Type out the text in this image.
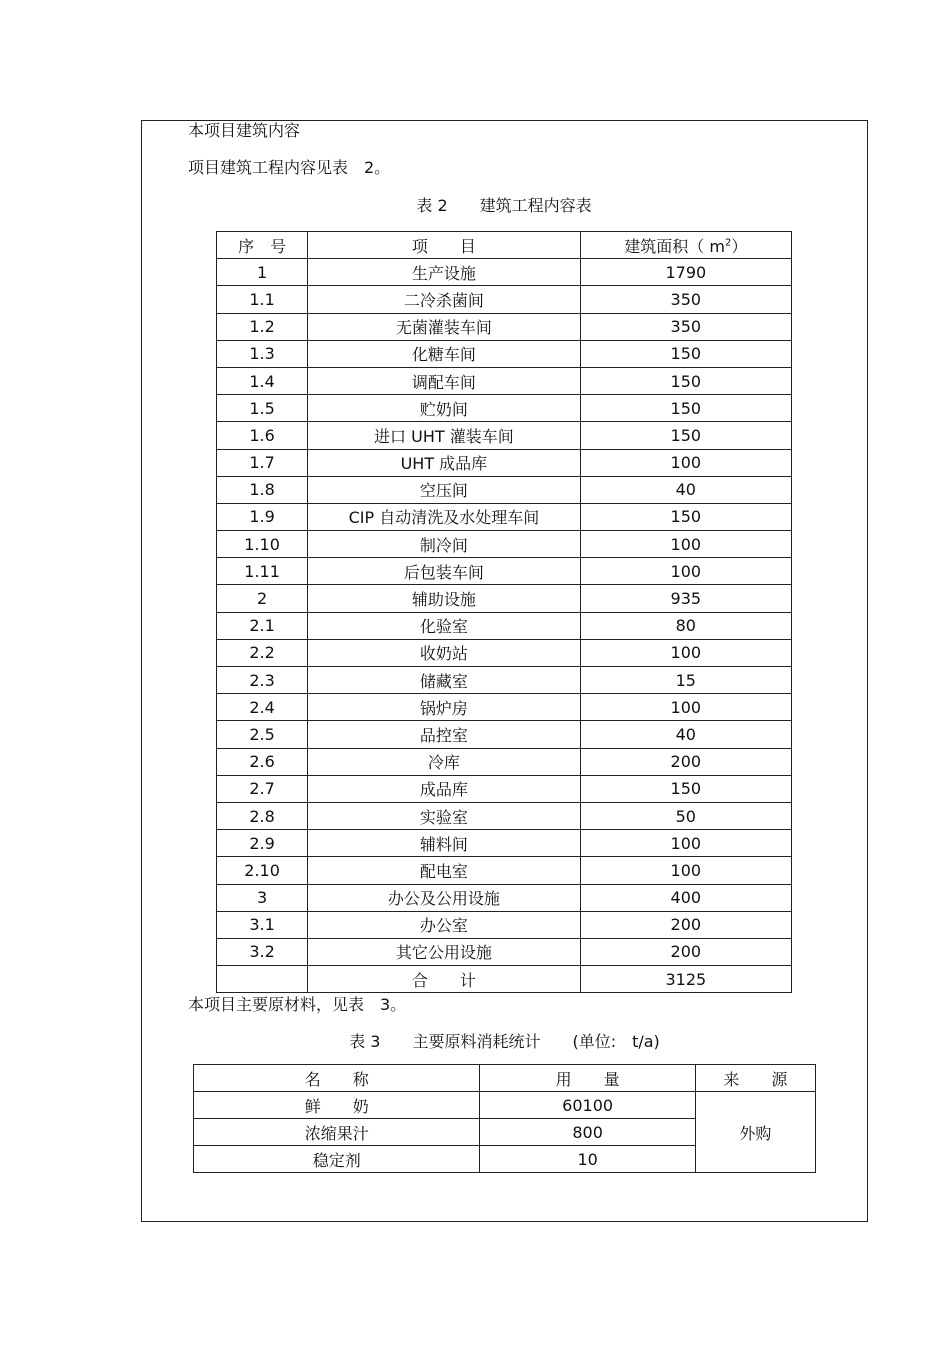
本项目建筑内容
项目建筑工程内容见表　2。
表 2　　建筑工程内容表
序　号	项　　目	建筑面积（ $m^2$）
1	生产设施	1790
1.1	二冷杀菌间	350
1.2	无菌灌装车间	350
1.3	化糖车间	150
1.4	调配车间	150
1.5	贮奶间	150
1.6	进口 UHT 灌装车间	150
1.7	UHT 成品库	100
1.8	空压间	40
1.9	CIP 自动清洗及水处理车间	150
1.10	制冷间	100
1.11	后包装车间	100
2	辅助设施	935
2.1	化验室	80
2.2	收奶站	100
2.3	储藏室	15
2.4	锅炉房	100
2.5	品控室	40
2.6	冷库	200
2.7	成品库	150
2.8	实验室	50
2.9	辅料间	100
2.10	配电室	100
3	办公及公用设施	400
3.1	办公室	200
3.2	其它公用设施	200
	合　　计	3125
本项目主要原材料，见表　3。
表 3　　主要原料消耗统计　　(单位:　t/a)
名　　称	用　　量	来　　源
鲜　　奶	60100	外购
浓缩果汁	800	
稳定剂	10	
